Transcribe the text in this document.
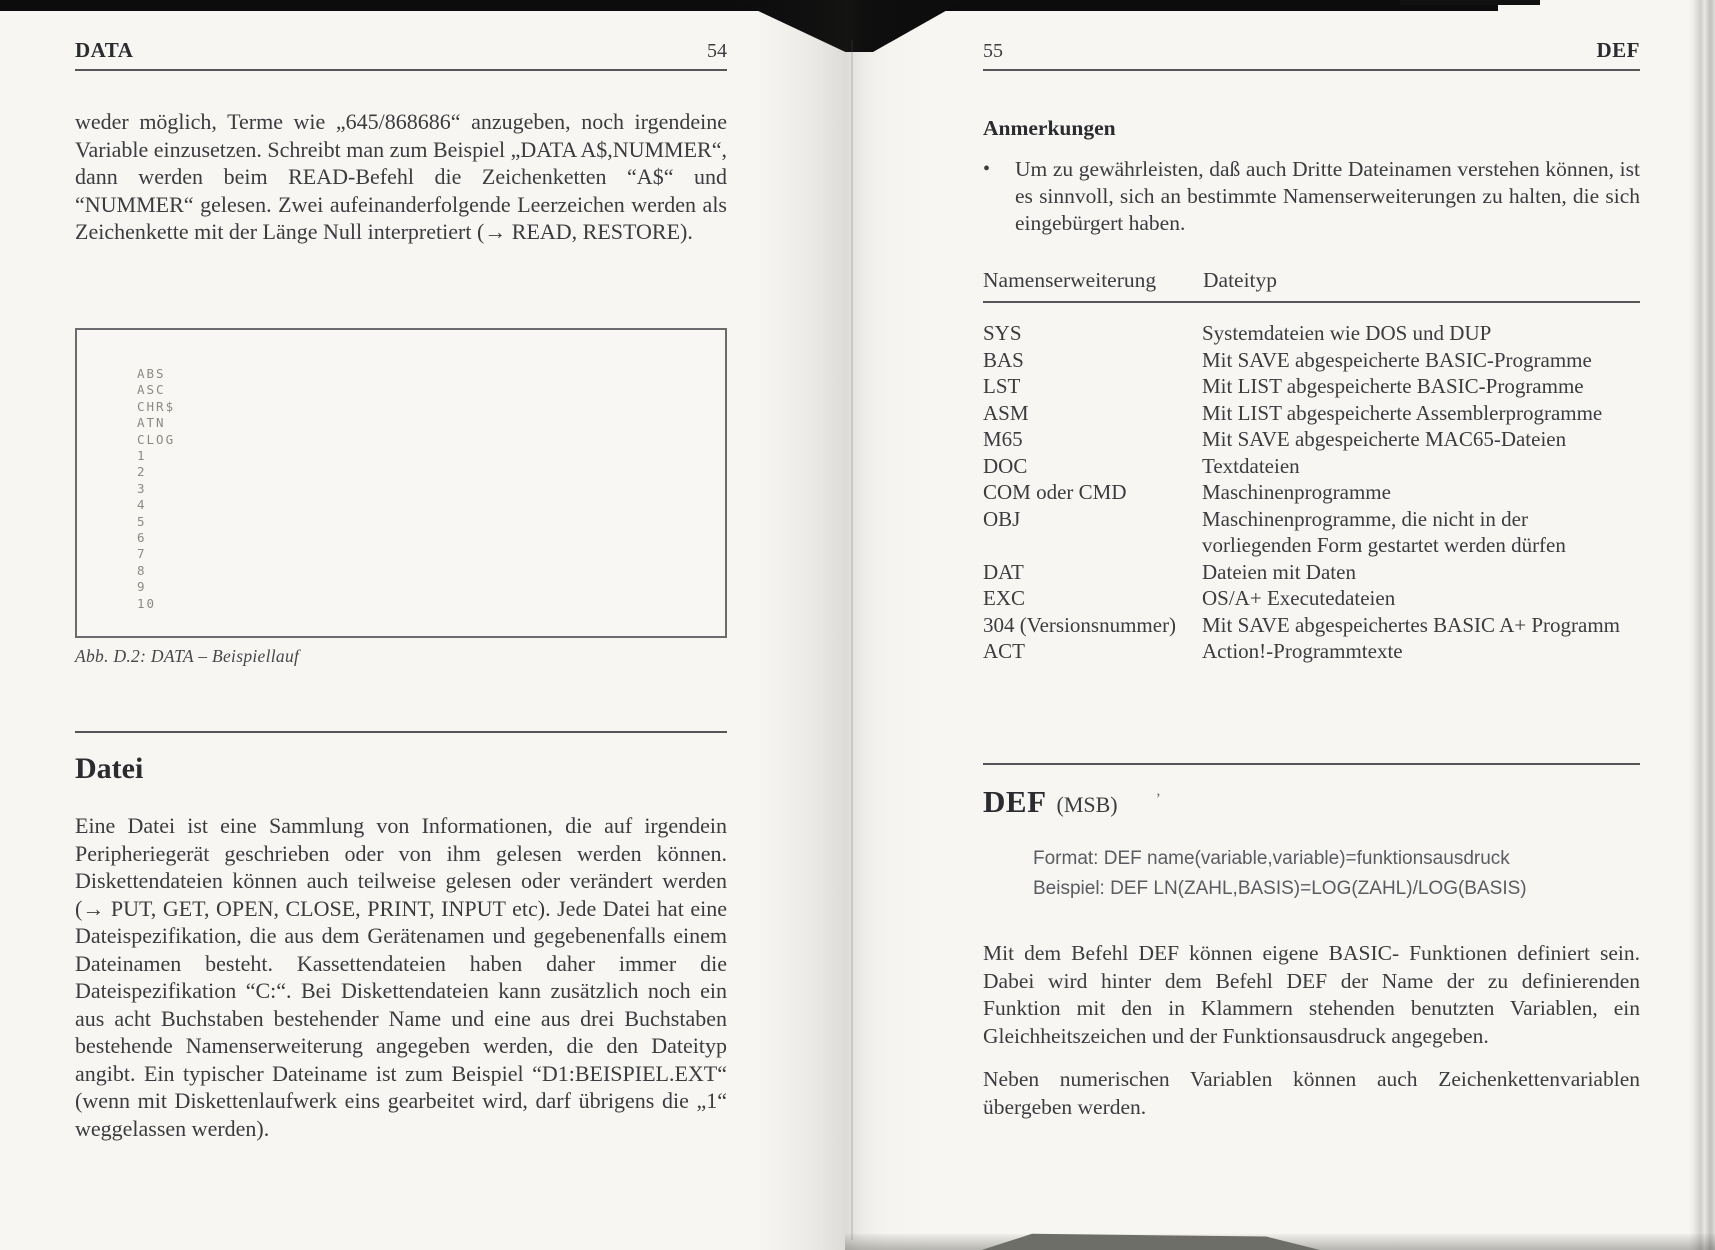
DATA	54
weder möglich, Terme wie „645/868686“ anzugeben, noch irgendeine Variable einzusetzen. Schreibt man zum Beispiel „DATA A$,NUMMER“, dann werden beim READ-Befehl die Zeichenketten “A$“ und “NUMMER“ gelesen. Zwei aufeinanderfolgende Leerzeichen werden als Zeichenkette mit der Länge Null interpretiert (→ READ, RESTORE).
ABS
ASC
CHR$
ATN
CLOG
1
2
3
4
5
6
7
8
9
10
Abb. D.2: DATA – Beispiellauf
Datei
Eine Datei ist eine Sammlung von Informationen, die auf irgendein Peripheriegerät geschrieben oder von ihm gelesen werden können. Diskettendateien können auch teilweise gelesen oder verändert werden (→ PUT, GET, OPEN, CLOSE, PRINT, INPUT etc). Jede Datei hat eine Dateispezifikation, die aus dem Gerätenamen und gegebenenfalls einem Dateinamen besteht. Kassettendateien haben daher immer die Dateispezifikation “C:“. Bei Diskettendateien kann zusätzlich noch ein aus acht Buchstaben bestehender Name und eine aus drei Buchstaben bestehende Namenserweiterung angegeben werden, die den Dateityp angibt. Ein typischer Dateiname ist zum Beispiel “D1:BEISPIEL.EXT“ (wenn mit Diskettenlaufwerk eins gearbeitet wird, darf übrigens die „1“ weggelassen werden).
55	DEF
Anmerkungen
•	Um zu gewährleisten, daß auch Dritte Dateinamen verstehen können, ist es sinnvoll, sich an bestimmte Namenserweiterungen zu halten, die sich eingebürgert haben.
Namenserweiterung	Dateityp
SYS	Systemdateien wie DOS und DUP
BAS	Mit SAVE abgespeicherte BASIC-Programme
LST	Mit LIST abgespeicherte BASIC-Programme
ASM	Mit LIST abgespeicherte Assemblerprogramme
M65	Mit SAVE abgespeicherte MAC65-Dateien
DOC	Textdateien
COM oder CMD	Maschinenprogramme
OBJ	Maschinenprogramme, die nicht in der vorliegenden Form gestartet werden dürfen
DAT	Dateien mit Daten
EXC	OS/A+ Executedateien
304 (Versionsnummer)	Mit SAVE abgespeichertes BASIC A+ Programm
ACT	Action!-Programmtexte
DEF (MSB) ’
Format: DEF name(variable,variable)=funktionsausdruck
Beispiel: DEF LN(ZAHL,BASIS)=LOG(ZAHL)/LOG(BASIS)
Mit dem Befehl DEF können eigene BASIC- Funktionen definiert sein. Dabei wird hinter dem Befehl DEF der Name der zu definierenden Funktion mit den in Klammern stehenden benutzten Variablen, ein Gleichheitszeichen und der Funktionsausdruck angegeben.
Neben numerischen Variablen können auch Zeichenkettenvariablen übergeben werden.
